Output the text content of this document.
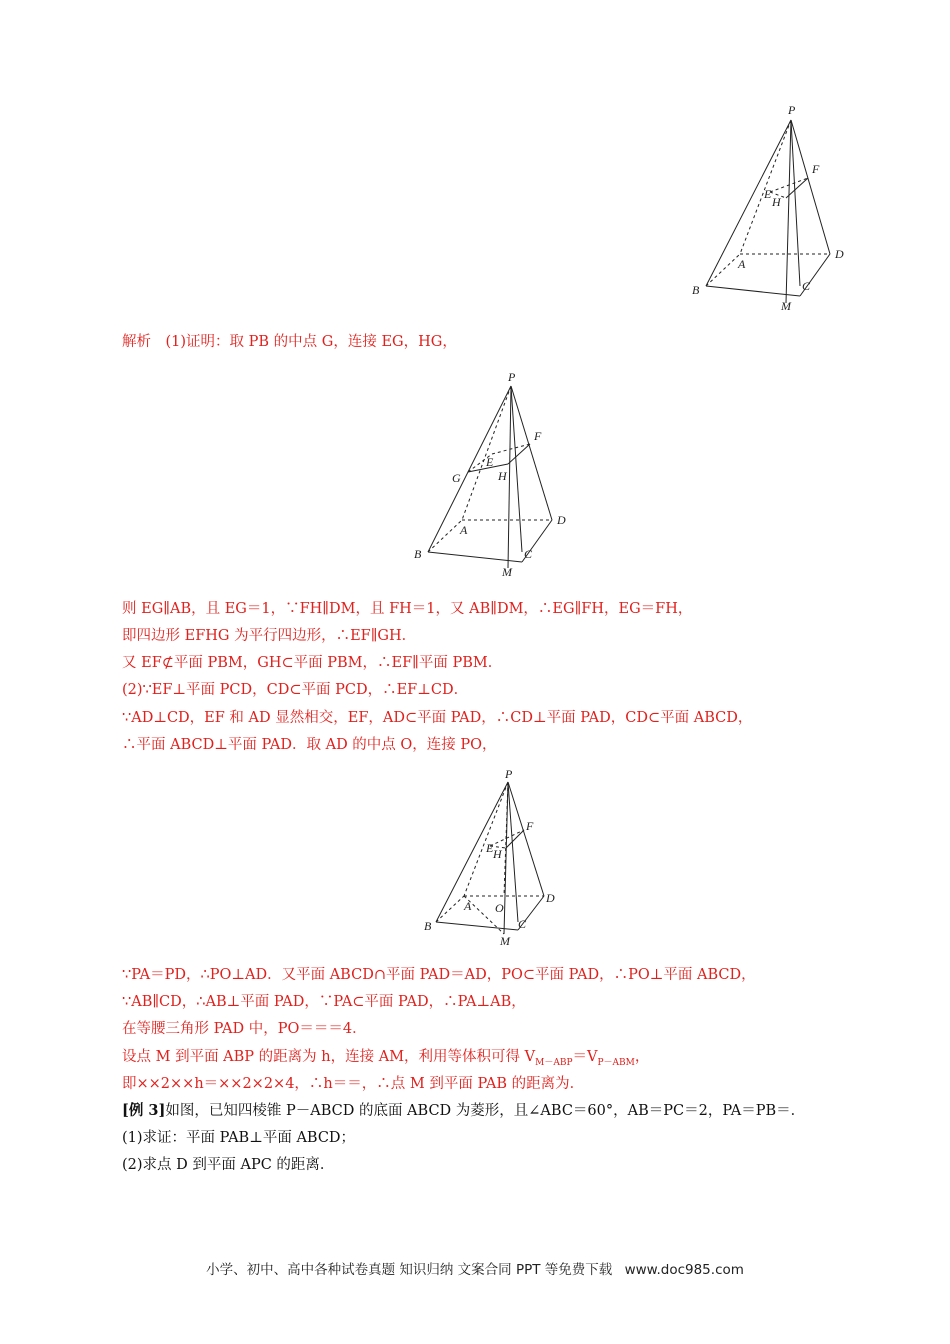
P
F
E
H
A
D
B	C
M
解析　(1)证明：取 PB 的中点 G，连接 EG，HG，
P
F
E
G	H
A
D
B	C
M
则 EG∥AB，且 EG＝1，∵FH∥DM，且 FH＝1，又 AB∥DM，∴EG∥FH，EG＝FH，
即四边形 EFHG 为平行四边形，∴EF∥GH．
又 EF⊄平面 PBM，GH⊂平面 PBM，∴EF∥平面 PBM．
(2)∵EF⊥平面 PCD，CD⊂平面 PCD，∴EF⊥CD．
∵AD⊥CD，EF 和 AD 显然相交，EF，AD⊂平面 PAD，∴CD⊥平面 PAD，CD⊂平面 ABCD，
∴平面 ABCD⊥平面 PAD．取 AD 的中点 O，连接 PO，
P
F
E H
A O
D
B	C
M
∵PA＝PD，∴PO⊥AD．又平面 ABCD∩平面 PAD＝AD，PO⊂平面 PAD，∴PO⊥平面 ABCD，
∵AB∥CD，∴AB⊥平面 PAD，∵PA⊂平面 PAD，∴PA⊥AB，
在等腰三角形 PAD 中，PO＝＝＝4．
设点 M 到平面 ABP 的距离为 h，连接 AM，利用等体积可得 $V_{M-ABP}=V_{P-ABM}$，
即××2××h＝××2×2×4，∴h＝＝，∴点 M 到平面 PAB 的距离为．
[例 3]如图，已知四棱锥 P－ABCD 的底面 ABCD 为菱形，且∠ABC＝60°，AB＝PC＝2，PA＝PB＝．
(1)求证：平面 PAB⊥平面 ABCD；
(2)求点 D 到平面 APC 的距离．
小学、初中、高中各种试卷真题 知识归纳 文案合同 PPT 等免费下载 www.doc985.com
